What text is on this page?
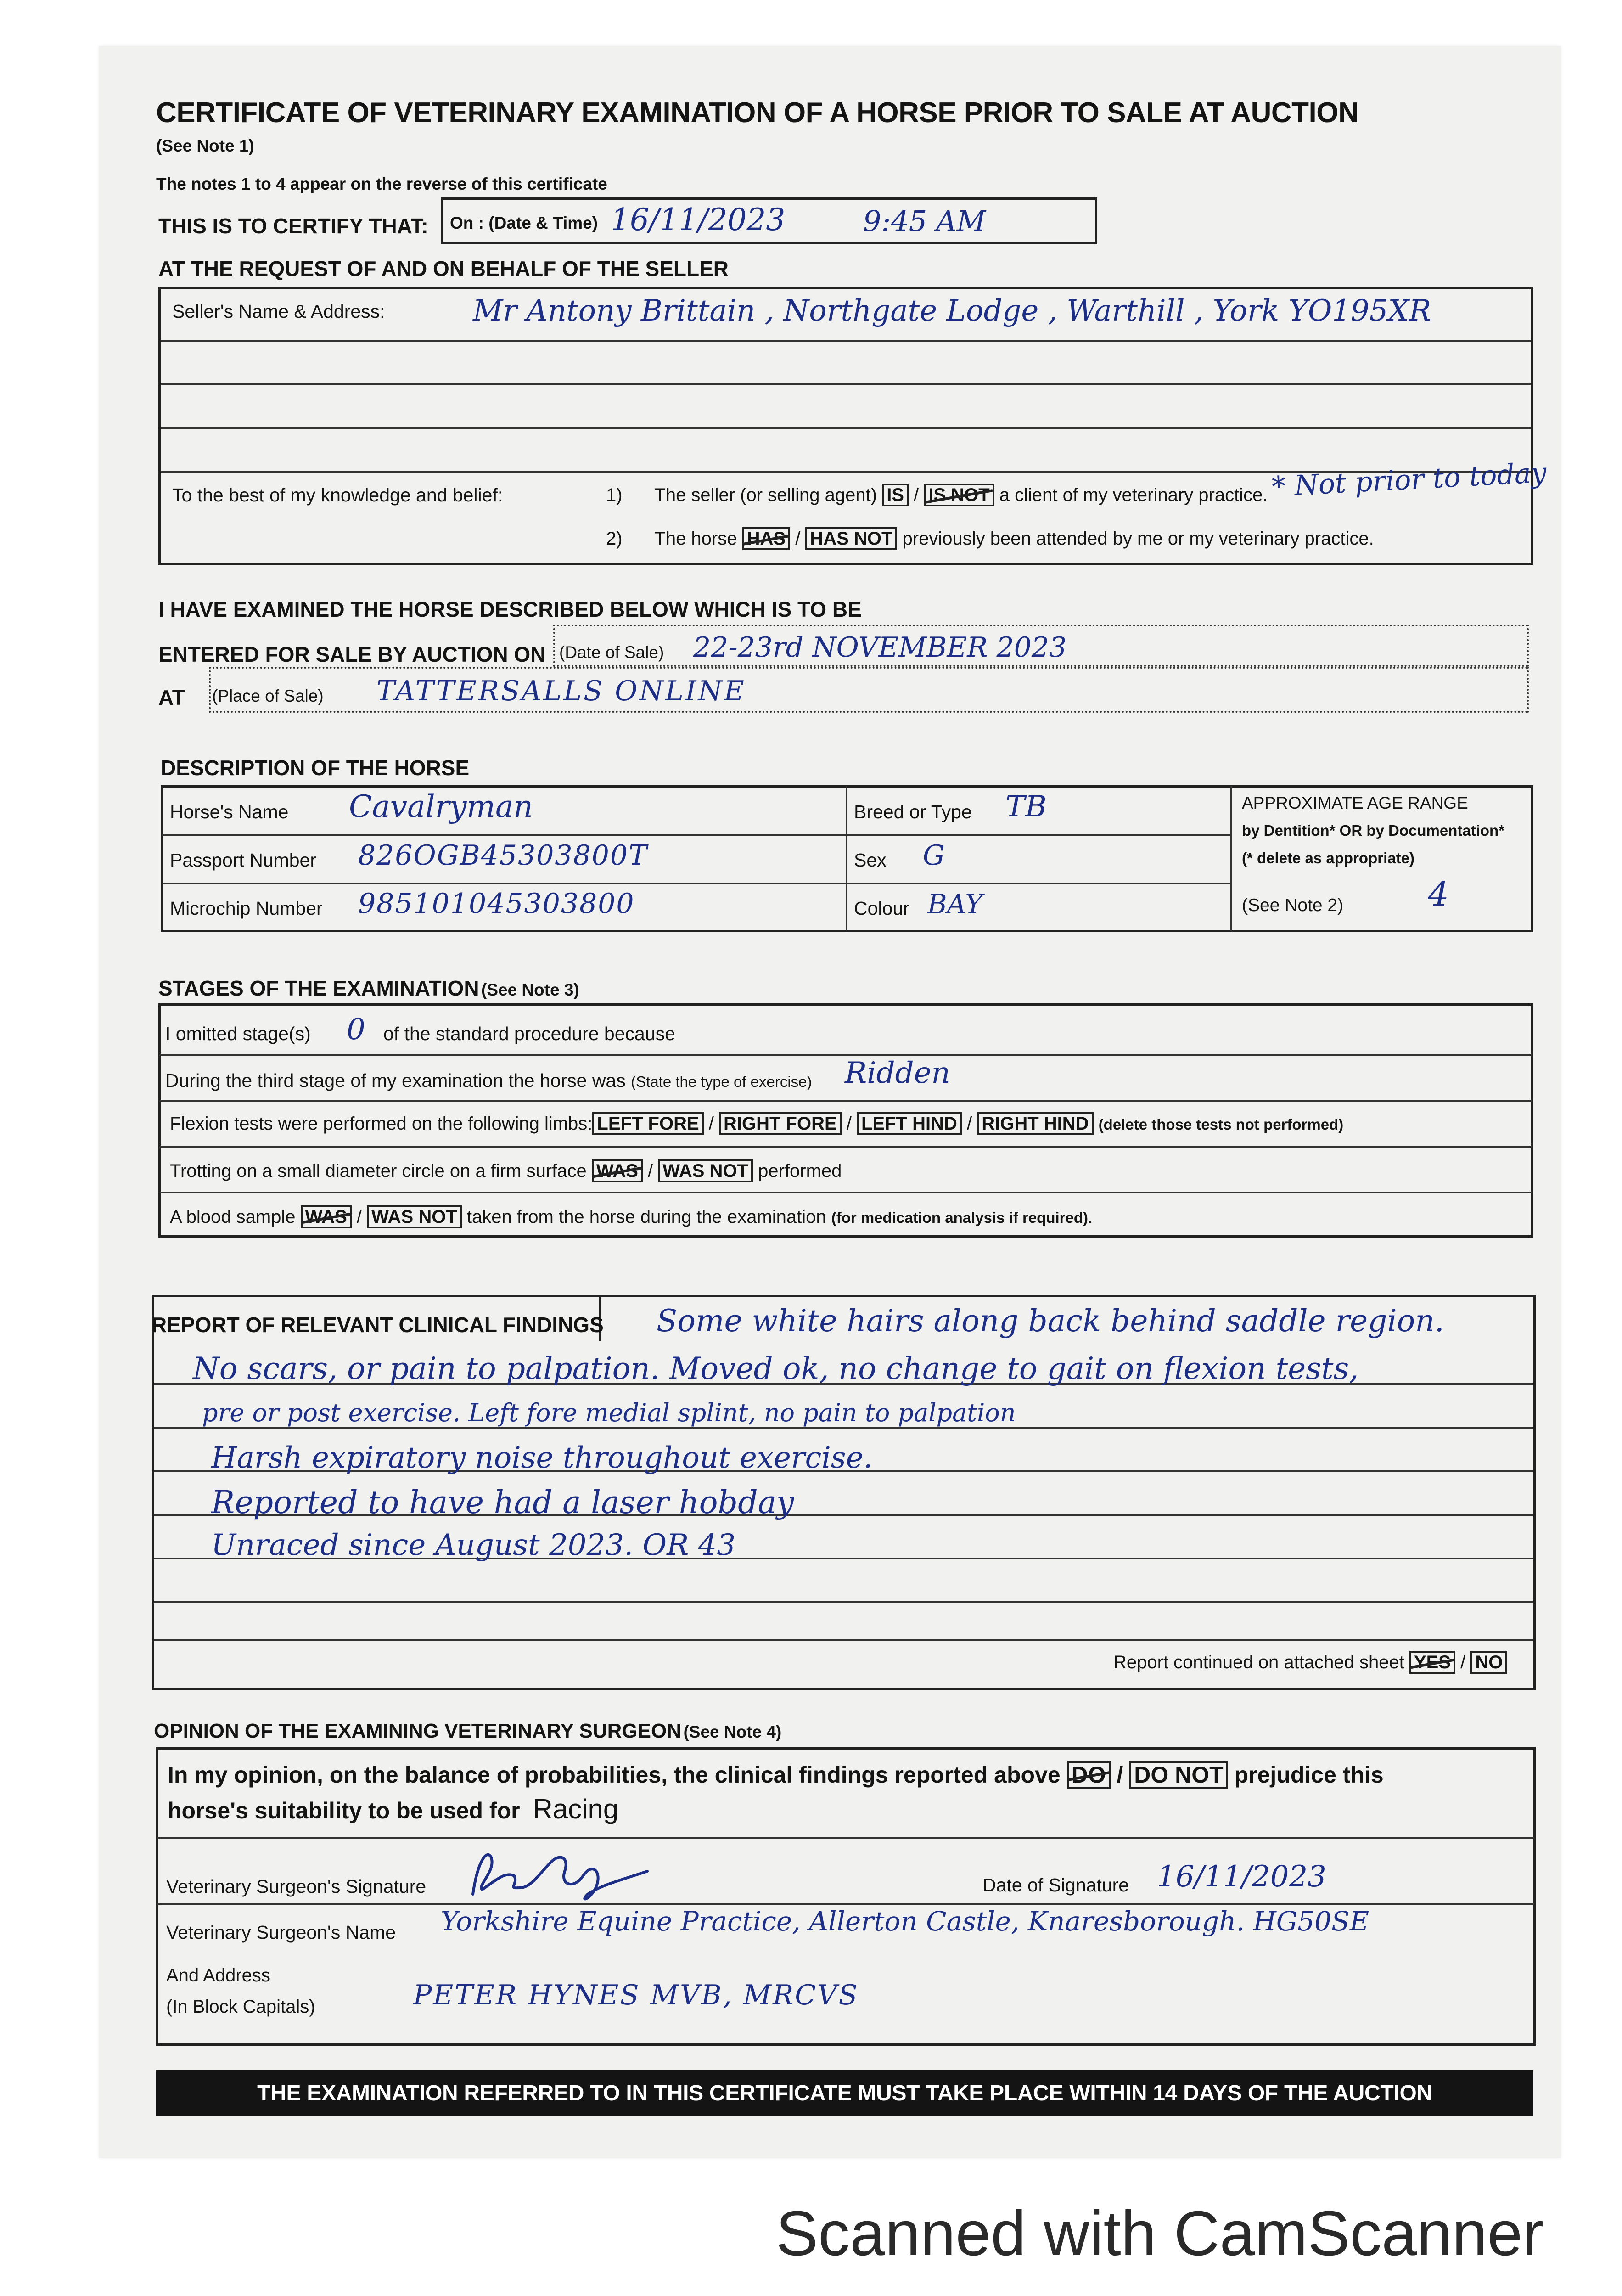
CERTIFICATE OF VETERINARY EXAMINATION OF A HORSE PRIOR TO SALE AT AUCTION
(See Note 1)
The notes 1 to 4 appear on the reverse of this certificate
THIS IS TO CERTIFY THAT: On : (Date & Time) 16/11/2023	9:45 AM
AT THE REQUEST OF AND ON BEHALF OF THE SELLER
Seller's Name & Address:	Mr Antony Brittain , Northgate Lodge , Warthill , York YO195XR
To the best of my knowledge and belief:	1) The seller (or selling agent) IS / IS NOT a client of my veterinary practice. * Not prior to today
2) The horse HAS / HAS NOT previously been attended by me or my veterinary practice.
I HAVE EXAMINED THE HORSE DESCRIBED BELOW WHICH IS TO BE
ENTERED FOR SALE BY AUCTION ON (Date of Sale) 22-23rd NOVEMBER 2023
AT (Place of Sale) TATTERSALLS ONLINE
DESCRIPTION OF THE HORSE
Horse's Name Cavalryman
Passport Number 826OGB45303800T
Microchip Number 985101045303800
Breed or Type TB
Sex G
Colour BAY
APPROXIMATE AGE RANGE
by Dentition* OR by Documentation*
(* delete as appropriate)
(See Note 2)	4
STAGES OF THE EXAMINATION (See Note 3)
I omitted stage(s) 0 of the standard procedure because
During the third stage of my examination the horse was (State the type of exercise) Ridden
Flexion tests were performed on the following limbs: LEFT FORE / RIGHT FORE / LEFT HIND / RIGHT HIND (delete those tests not performed)
Trotting on a small diameter circle on a firm surface WAS / WAS NOT performed
A blood sample WAS / WAS NOT taken from the horse during the examination (for medication analysis if required).
REPORT OF RELEVANT CLINICAL FINDINGS Some white hairs along back behind saddle region.
No scars, or pain to palpation. Moved ok, no change to gait on flexion tests,
pre or post exercise. Left fore medial splint, no pain to palpation
Harsh expiratory noise throughout exercise.
Reported to have had a laser hobday
Unraced since August 2023. OR 43
Report continued on attached sheet YES / NO
OPINION OF THE EXAMINING VETERINARY SURGEON (See Note 4)
In my opinion, on the balance of probabilities, the clinical findings reported above DO / DO NOT prejudice this
horse's suitability to be used for Racing
Veterinary Surgeon's Signature	Date of Signature 16/11/2023
Veterinary Surgeon's Name Yorkshire Equine Practice, Allerton Castle, Knaresborough. HG50SE
And Address
(In Block Capitals)	PETER HYNES MVB, MRCVS
THE EXAMINATION REFERRED TO IN THIS CERTIFICATE MUST TAKE PLACE WITHIN 14 DAYS OF THE AUCTION
Scanned with CamScanner
